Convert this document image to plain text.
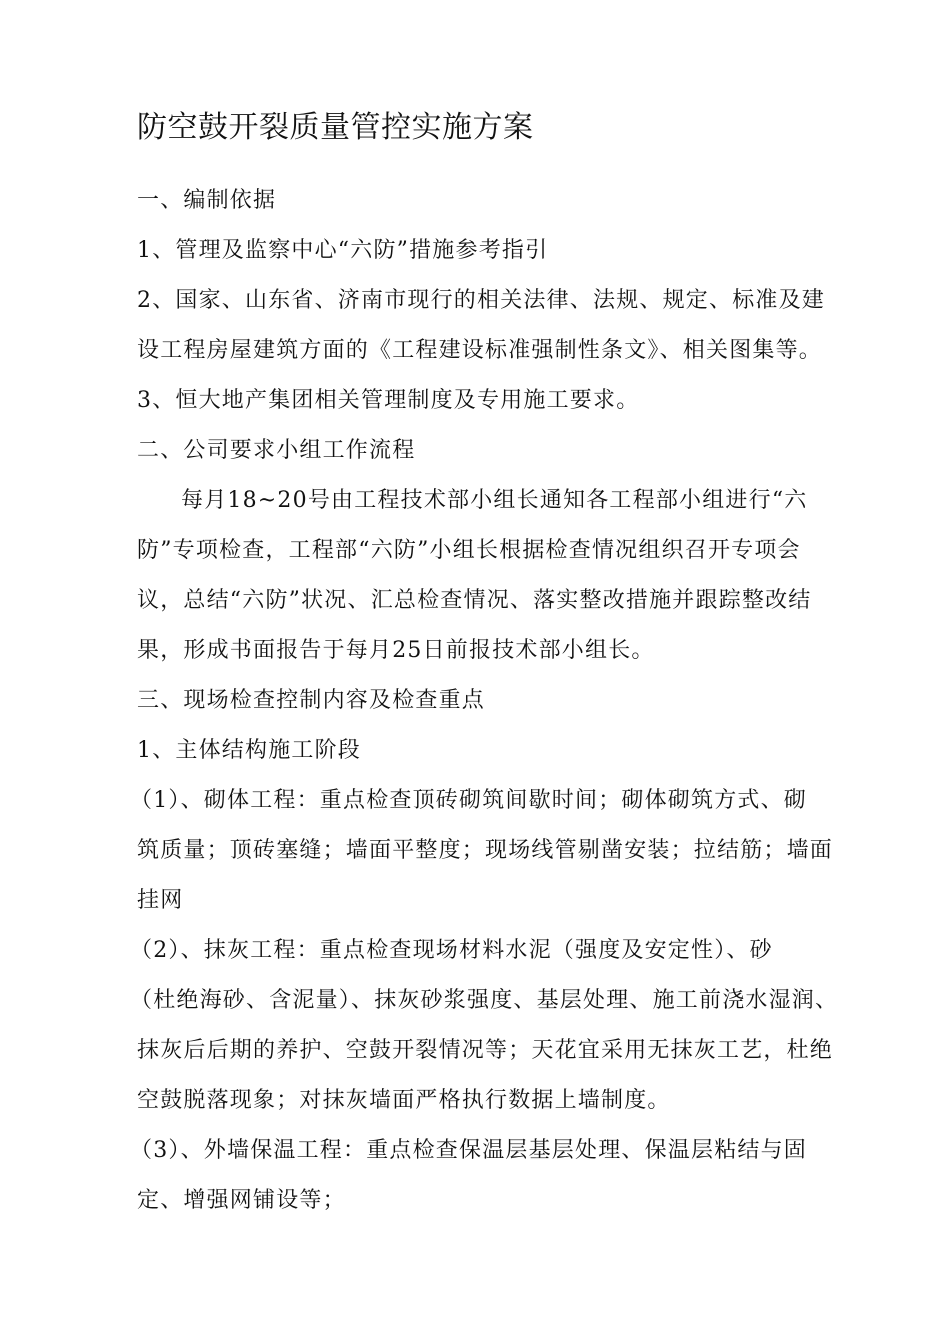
防空鼓开裂质量管控实施方案
一、编制依据
1、管理及监察中心“六防”措施参考指引
2、国家、山东省、济南市现行的相关法律、法规、规定、标准及建
设工程房屋建筑方面的《工程建设标准强制性条文》、相关图集等。
3、恒大地产集团相关管理制度及专用施工要求。
二、公司要求小组工作流程
每月18~20号由工程技术部小组长通知各工程部小组进行“六
防”专项检查，工程部“六防”小组长根据检查情况组织召开专项会
议，总结“六防”状况、汇总检查情况、落实整改措施并跟踪整改结
果，形成书面报告于每月25日前报技术部小组长。
三、现场检查控制内容及检查重点
1、主体结构施工阶段
（1）、砌体工程：重点检查顶砖砌筑间歇时间；砌体砌筑方式、砌
筑质量；顶砖塞缝；墙面平整度；现场线管剔凿安装；拉结筋；墙面
挂网
（2）、抹灰工程：重点检查现场材料水泥（强度及安定性）、砂
（杜绝海砂、含泥量）、抹灰砂浆强度、基层处理、施工前浇水湿润、
抹灰后后期的养护、空鼓开裂情况等；天花宜采用无抹灰工艺，杜绝
空鼓脱落现象；对抹灰墙面严格执行数据上墙制度。
（3）、外墙保温工程：重点检查保温层基层处理、保温层粘结与固
定、增强网铺设等；
